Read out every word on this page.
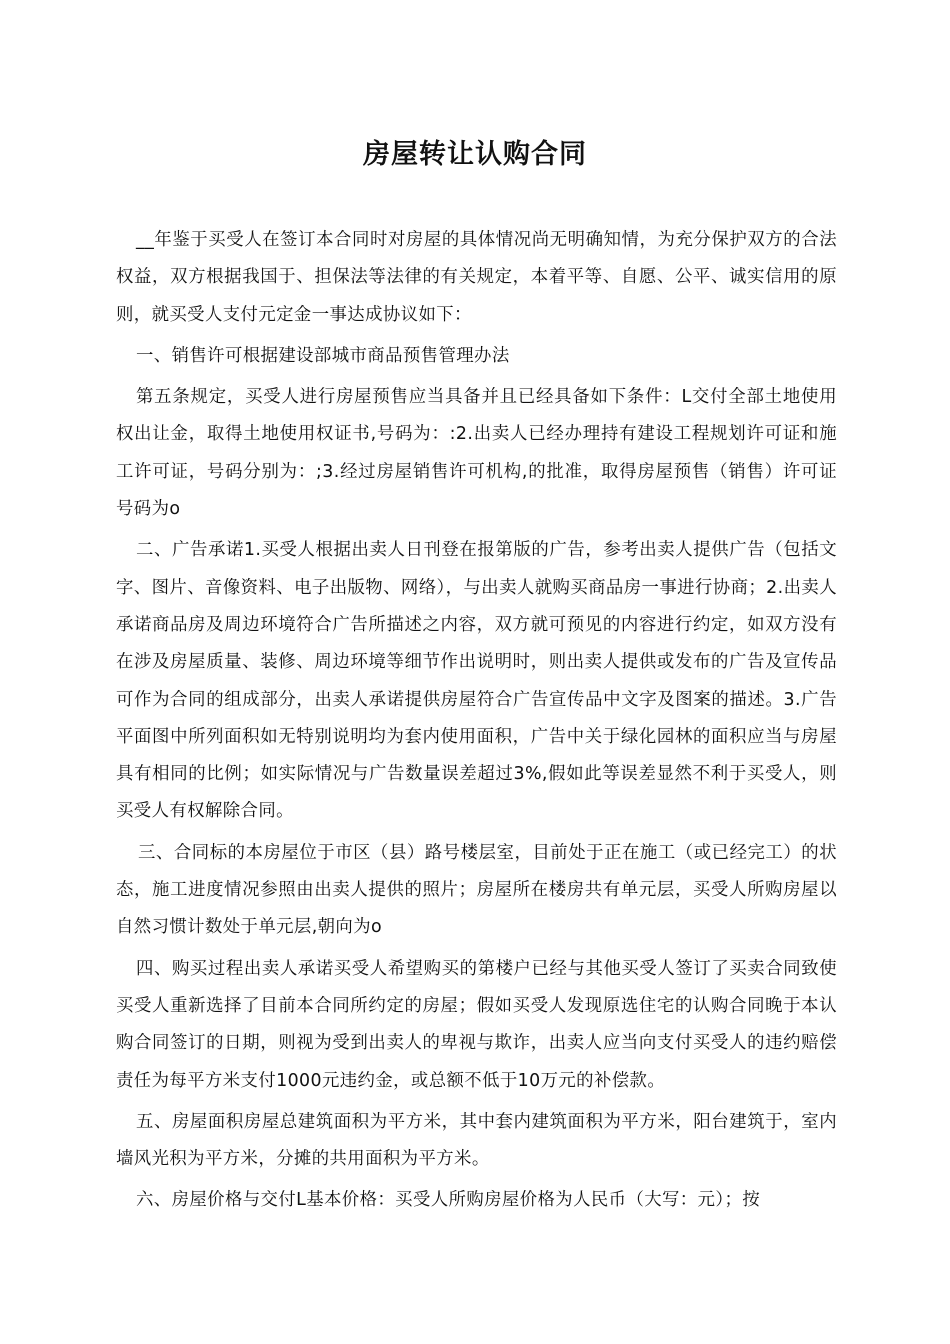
房屋转让认购合同

__年鉴于买受人在签订本合同时对房屋的具体情况尚无明确知情，为充分保护双方的合法权益，双方根据我国于、担保法等法律的有关规定，本着平等、自愿、公平、诚实信用的原则，就买受人支付元定金一事达成协议如下：

一、销售许可根据建设部城市商品预售管理办法

第五条规定，买受人进行房屋预售应当具备并且已经具备如下条件：L交付全部土地使用权出让金，取得土地使用权证书,号码为：:2.出卖人已经办理持有建设工程规划许可证和施工许可证，号码分别为：;3.经过房屋销售许可机构,的批准，取得房屋预售（销售）许可证号码为o

二、广告承诺1.买受人根据出卖人日刊登在报第版的广告，参考出卖人提供广告（包括文字、图片、音像资料、电子出版物、网络），与出卖人就购买商品房一事进行协商；2.出卖人承诺商品房及周边环境符合广告所描述之内容，双方就可预见的内容进行约定，如双方没有在涉及房屋质量、装修、周边环境等细节作出说明时，则出卖人提供或发布的广告及宣传品可作为合同的组成部分，出卖人承诺提供房屋符合广告宣传品中文字及图案的描述。3.广告平面图中所列面积如无特别说明均为套内使用面积，广告中关于绿化园林的面积应当与房屋具有相同的比例；如实际情况与广告数量误差超过3%,假如此等误差显然不利于买受人，则买受人有权解除合同。

三、合同标的本房屋位于市区（县）路号楼层室，目前处于正在施工（或已经完工）的状态，施工进度情况参照由出卖人提供的照片；房屋所在楼房共有单元层，买受人所购房屋以自然习惯计数处于单元层,朝向为o

四、购买过程出卖人承诺买受人希望购买的第楼户已经与其他买受人签订了买卖合同致使买受人重新选择了目前本合同所约定的房屋；假如买受人发现原选住宅的认购合同晚于本认购合同签订的日期，则视为受到出卖人的卑视与欺诈，出卖人应当向支付买受人的违约赔偿责任为每平方米支付1000元违约金，或总额不低于10万元的补偿款。

五、房屋面积房屋总建筑面积为平方米，其中套内建筑面积为平方米，阳台建筑于，室内墙风光积为平方米，分摊的共用面积为平方米。

六、房屋价格与交付L基本价格：买受人所购房屋价格为人民币（大写：元）；按
